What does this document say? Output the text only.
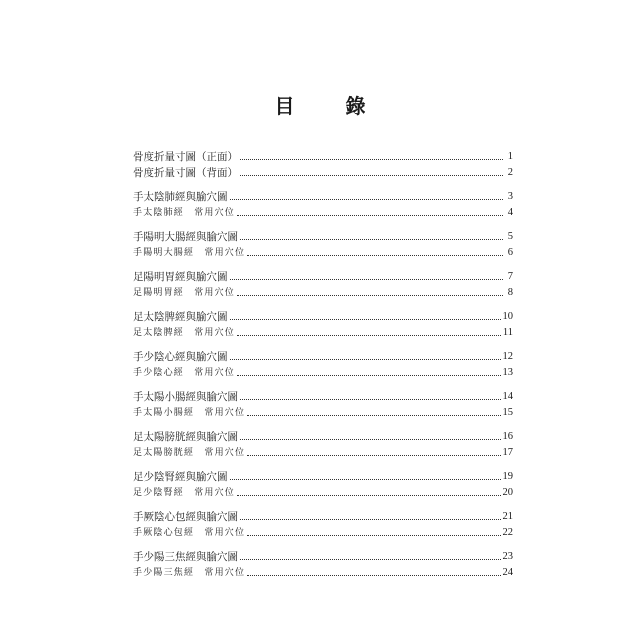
目 錄
骨度折量寸圖（正面）	1
骨度折量寸圖（背面）	2
手太陰肺經與腧穴圖	3
手太陰肺經　常用穴位	4
手陽明大腸經與腧穴圖	5
手陽明大腸經　常用穴位	6
足陽明胃經與腧穴圖	7
足陽明胃經　常用穴位	8
足太陰脾經與腧穴圖	10
足太陰脾經　常用穴位	11
手少陰心經與腧穴圖	12
手少陰心經　常用穴位	13
手太陽小腸經與腧穴圖	14
手太陽小腸經　常用穴位	15
足太陽膀胱經與腧穴圖	16
足太陽膀胱經　常用穴位	17
足少陰腎經與腧穴圖	19
足少陰腎經　常用穴位	20
手厥陰心包經與腧穴圖	21
手厥陰心包經　常用穴位	22
手少陽三焦經與腧穴圖	23
手少陽三焦經　常用穴位	24
